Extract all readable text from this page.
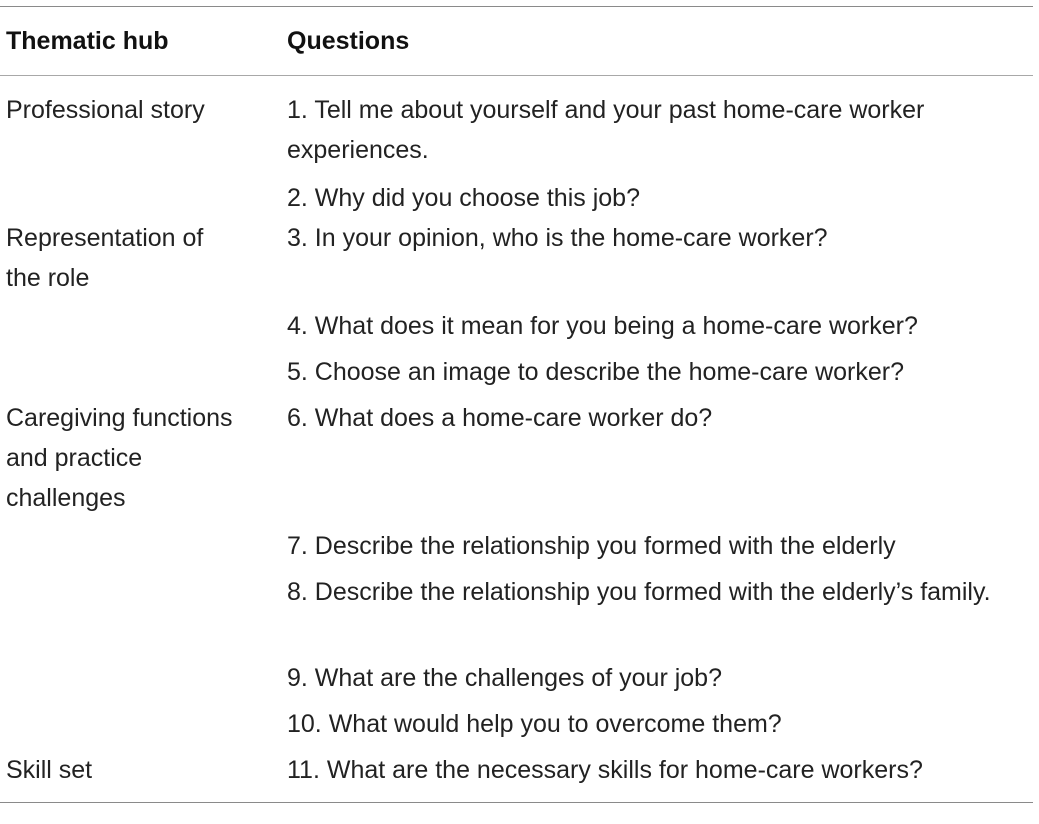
Thematic hub	Questions
Professional story	1. Tell me about yourself and your past home-care worker experiences.
	2. Why did you choose this job?
Representation of the role	3. In your opinion, who is the home-care worker?
	4. What does it mean for you being a home-care worker?
	5. Choose an image to describe the home-care worker?
Caregiving functions and practice challenges	6. What does a home-care worker do?
	7. Describe the relationship you formed with the elderly
	8. Describe the relationship you formed with the elderly’s family.
	9. What are the challenges of your job?
	10. What would help you to overcome them?
Skill set	11. What are the necessary skills for home-care workers?
